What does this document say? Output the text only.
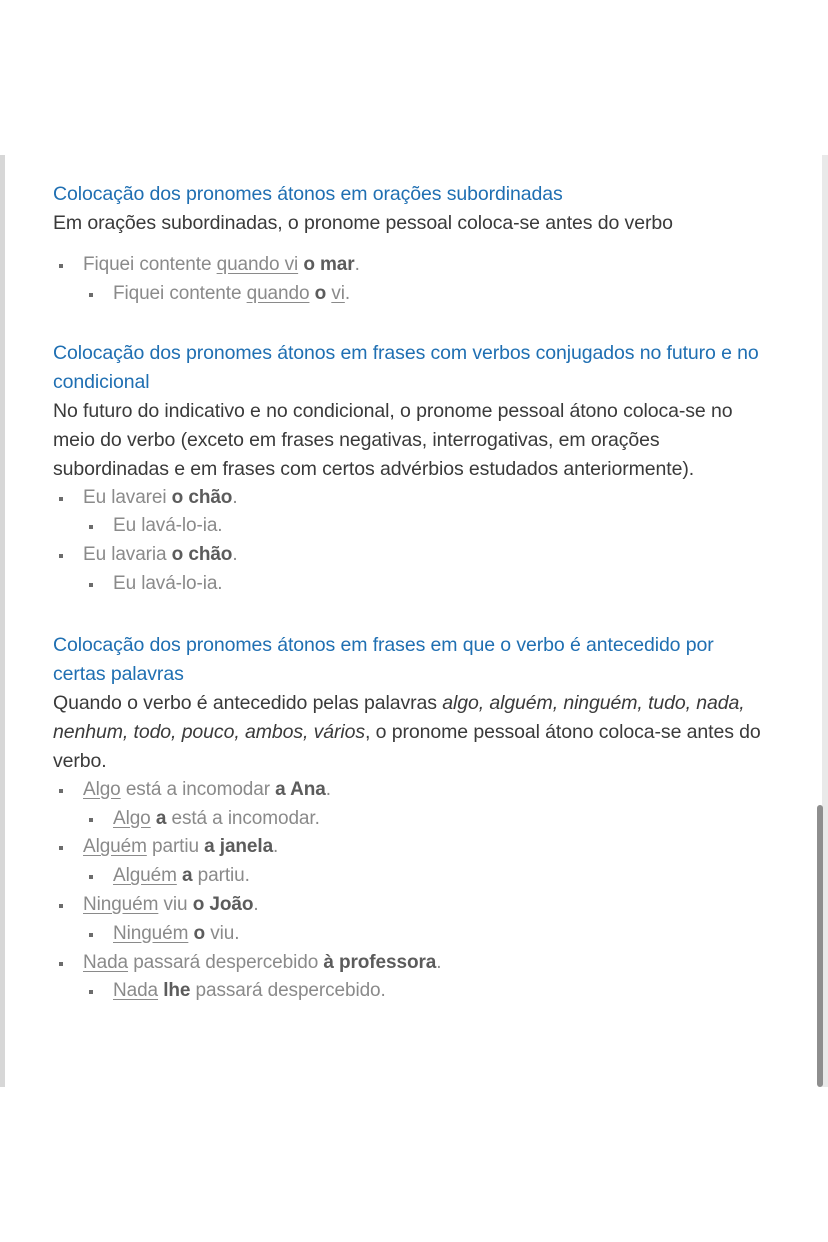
Colocação dos pronomes átonos em orações subordinadas

Em orações subordinadas, o pronome pessoal coloca-se antes do verbo

Fiquei contente quando vi o mar.
Fiquei contente quando o vi.
Colocação dos pronomes átonos em frases com verbos conjugados no futuro e no condicional

No futuro do indicativo e no condicional, o pronome pessoal átono coloca-se no meio do verbo (exceto em frases negativas, interrogativas, em orações subordinadas e em frases com certos advérbios estudados anteriormente).

Eu lavarei o chão.
Eu lavá-lo-ia.
Eu lavaria o chão.
Eu lavá-lo-ia.
Colocação dos pronomes átonos em frases em que o verbo é antecedido por certas palavras

Quando o verbo é antecedido pelas palavras algo, alguém, ninguém, tudo, nada, nenhum, todo, pouco, ambos, vários, o pronome pessoal átono coloca-se antes do verbo.

Algo está a incomodar a Ana.
Algo a está a incomodar.
Alguém partiu a janela.
Alguém a partiu.
Ninguém viu o João.
Ninguém o viu.
Nada passará despercebido à professora.
Nada lhe passará despercebido.
